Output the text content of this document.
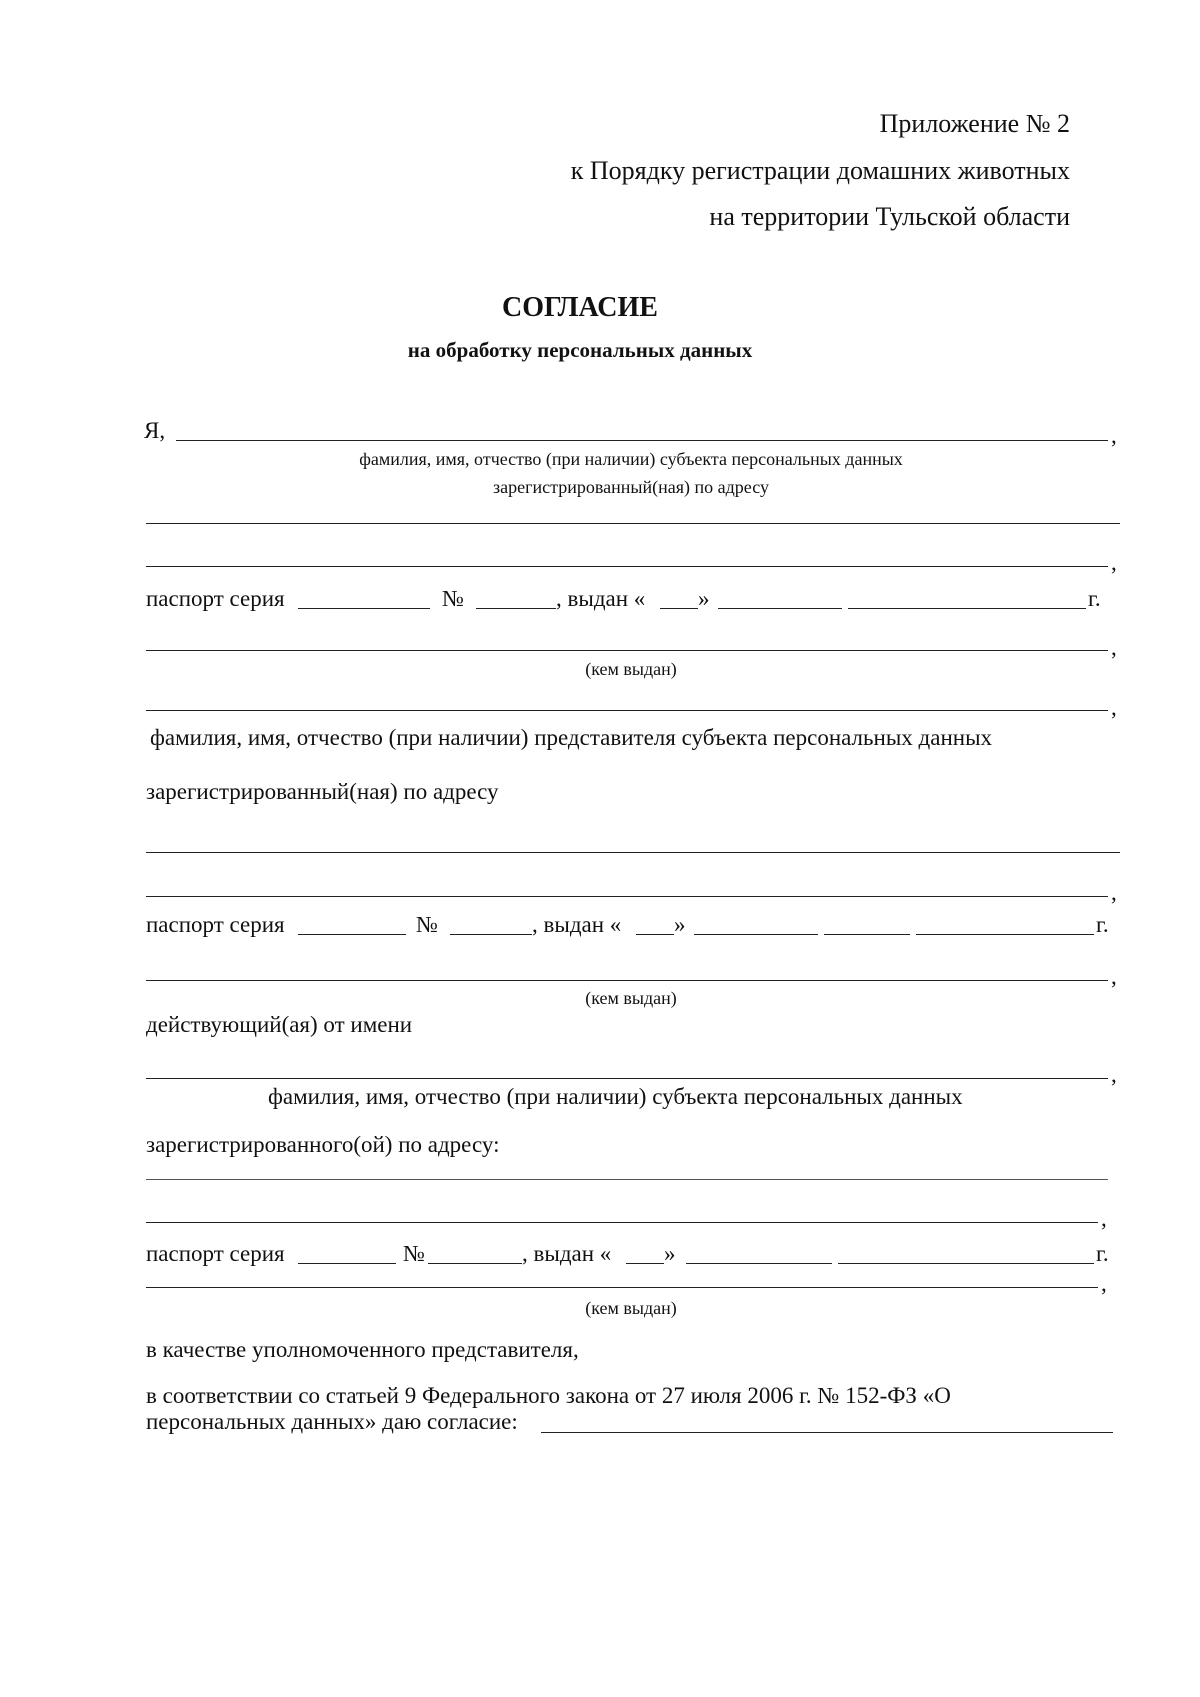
Приложение № 2
к Порядку регистрации домашних животных
на территории Тульской области
СОГЛАСИЕ
на обработку персональных данных
Я,	,
фамилия, имя, отчество (при наличии) субъекта персональных данных
зарегистрированный(ная) по адресу
,
паспорт серия	№	, выдан « »	г.
,
(кем выдан)
,
фамилия, имя, отчество (при наличии) представителя субъекта персональных данных
зарегистрированный(ная) по адресу
,
паспорт серия	№	, выдан « »	г.
,
(кем выдан)
действующий(ая) от имени
,
фамилия, имя, отчество (при наличии) субъекта персональных данных
зарегистрированного(ой) по адресу:
,
паспорт серия	№	, выдан « »	г.
,
(кем выдан)
в качестве уполномоченного представителя,
в соответствии со статьей 9 Федерального закона от 27 июля 2006 г. № 152-ФЗ «О
персональных данных» даю согласие:
